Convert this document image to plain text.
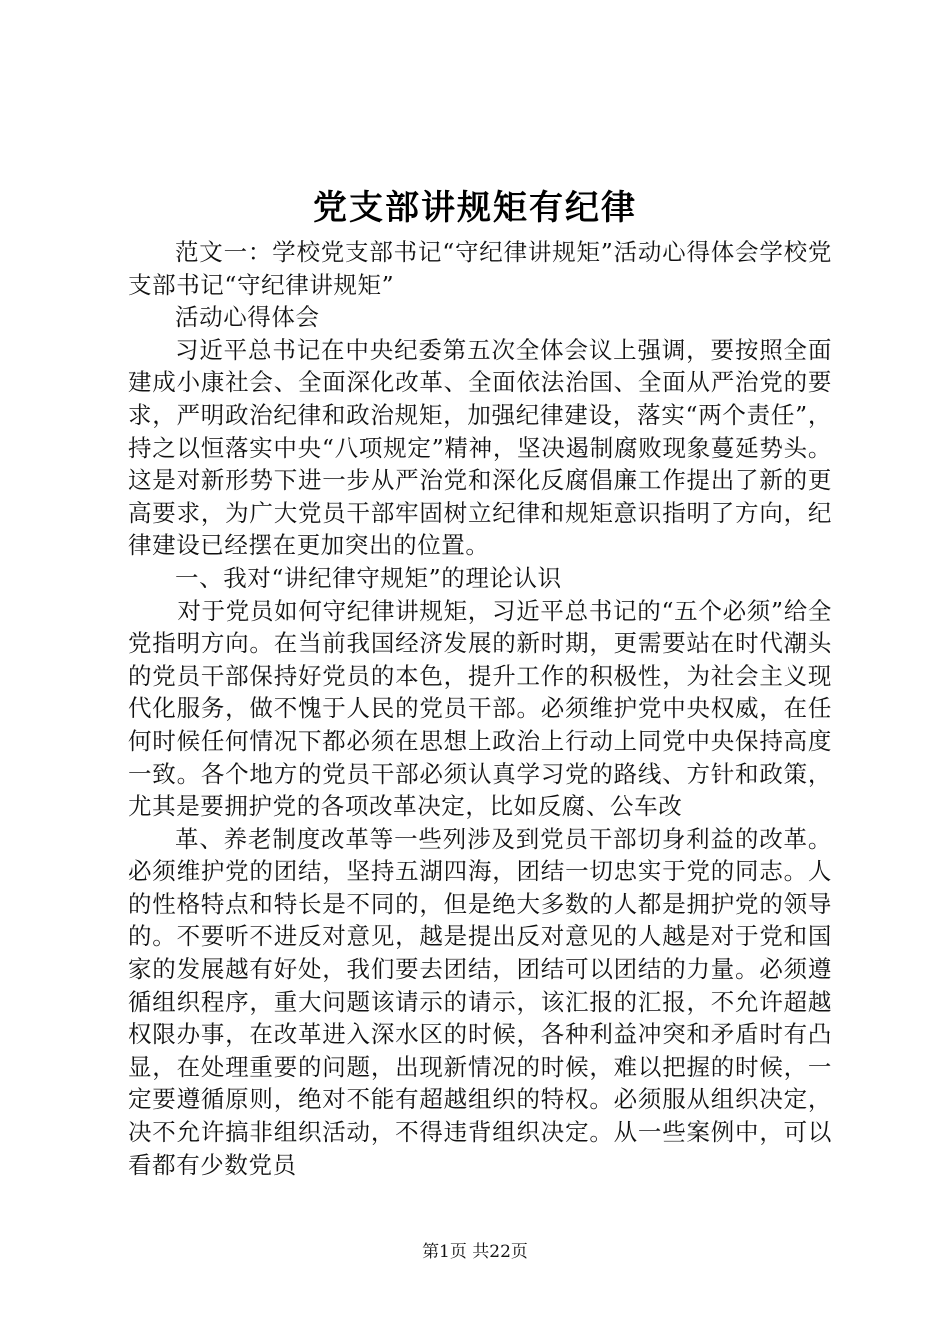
党支部讲规矩有纪律

范文一：学校党支部书记“守纪律讲规矩”活动心得体会学校党支部书记“守纪律讲规矩”

活动心得体会

习近平总书记在中央纪委第五次全体会议上强调，要按照全面建成小康社会、全面深化改革、全面依法治国、全面从严治党的要求，严明政治纪律和政治规矩，加强纪律建设，落实“两个责任”，持之以恒落实中央“八项规定”精神，坚决遏制腐败现象蔓延势头。这是对新形势下进一步从严治党和深化反腐倡廉工作提出了新的更高要求，为广大党员干部牢固树立纪律和规矩意识指明了方向，纪律建设已经摆在更加突出的位置。

一、我对“讲纪律守规矩”的理论认识

对于党员如何守纪律讲规矩，习近平总书记的“五个必须”给全党指明方向。在当前我国经济发展的新时期，更需要站在时代潮头的党员干部保持好党员的本色，提升工作的积极性，为社会主义现代化服务，做不愧于人民的党员干部。必须维护党中央权威，在任何时候任何情况下都必须在思想上政治上行动上同党中央保持高度一致。各个地方的党员干部必须认真学习党的路线、方针和政策，尤其是要拥护党的各项改革决定，比如反腐、公车改

革、养老制度改革等一些列涉及到党员干部切身利益的改革。必须维护党的团结，坚持五湖四海，团结一切忠实于党的同志。人的性格特点和特长是不同的，但是绝大多数的人都是拥护党的领导的。不要听不进反对意见，越是提出反对意见的人越是对于党和国家的发展越有好处，我们要去团结，团结可以团结的力量。必须遵循组织程序，重大问题该请示的请示，该汇报的汇报，不允许超越权限办事，在改革进入深水区的时候，各种利益冲突和矛盾时有凸显，在处理重要的问题，出现新情况的时候，难以把握的时候，一定要遵循原则，绝对不能有超越组织的特权。必须服从组织决定，决不允许搞非组织活动，不得违背组织决定。从一些案例中，可以看都有少数党员

第1页 共22页
